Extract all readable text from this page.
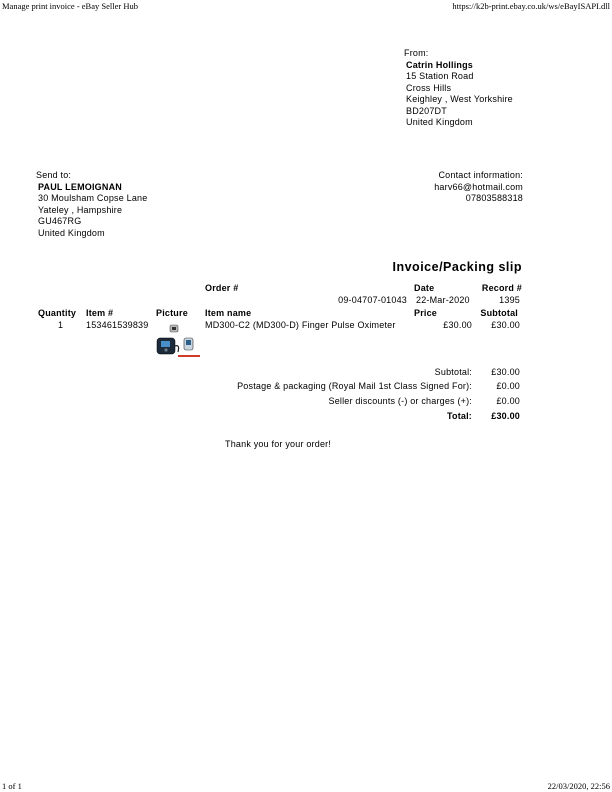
Manage print invoice - eBay Seller Hub	https://k2b-print.ebay.co.uk/ws/eBayISAPI.dll
From:
Catrin Hollings
15 Station Road
Cross Hills
Keighley , West Yorkshire
BD207DT
United Kingdom
Send to:
PAUL LEMOIGNAN
30 Moulsham Copse Lane
Yateley , Hampshire
GU467RG
United Kingdom
Contact information:
harv66@hotmail.com
07803588318
Invoice/Packing slip
Order #	Date	Record #
09-04707-01043 22-Mar-2020	1395
Quantity Item #	Picture Item name	Price	Subtotal
1	153461539839	MD300-C2 (MD300-D) Finger Pulse Oximeter	£30.00 £30.00
Subtotal: £30.00
Postage & packaging (Royal Mail 1st Class Signed For):	£0.00
Seller discounts (-) or charges (+):	£0.00
Total: £30.00
Thank you for your order!
1 of 1	22/03/2020, 22:56
